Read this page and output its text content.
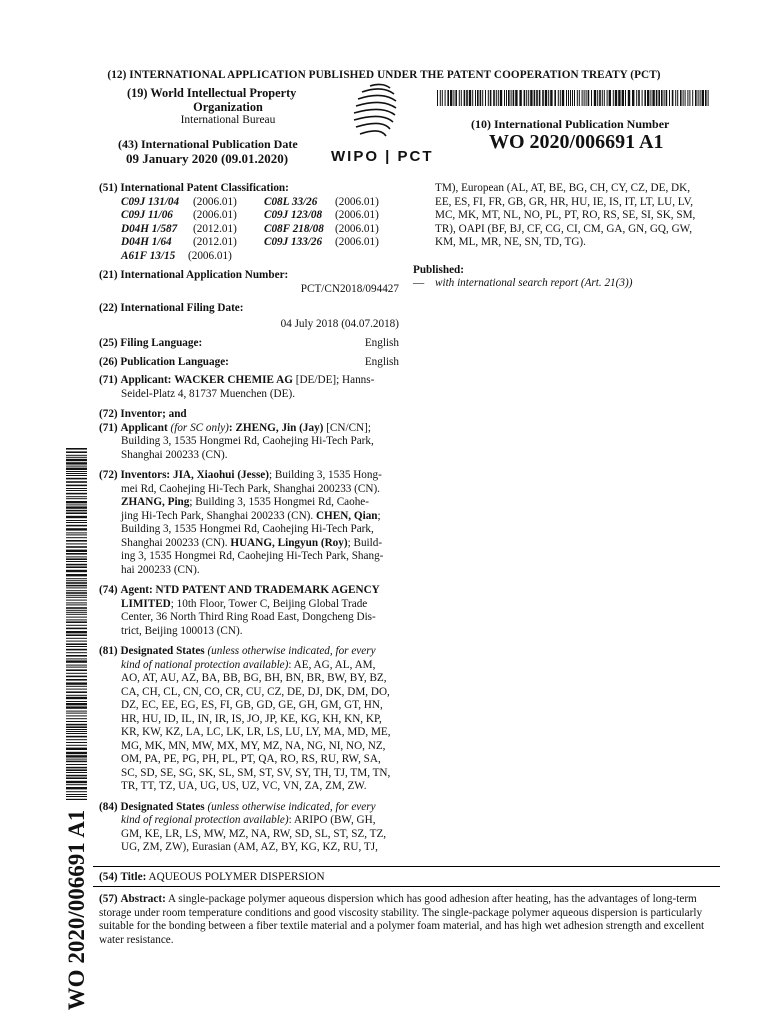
(12) INTERNATIONAL APPLICATION PUBLISHED UNDER THE PATENT COOPERATION TREATY (PCT)
(19) World Intellectual Property
Organization
International Bureau
(43) International Publication Date
09 January 2020 (09.01.2020)	WIPO | PCT
(10) International Publication Number
WO 2020/006691 A1
(51) International Patent Classification:
C09J 131/04 (2006.01) C08L 33/26 (2006.01)
C09J 11/06 (2006.01) C09J 123/08 (2006.01)
D04H 1/587 (2012.01) C08F 218/08 (2006.01)
D04H 1/64 (2012.01) C09J 133/26 (2006.01)
A61F 13/15 (2006.01)
(21) International Application Number:
PCT/CN2018/094427
(22) International Filing Date:
04 July 2018 (04.07.2018)
(25) Filing Language:	English
(26) Publication Language:	English
(71) Applicant: WACKER CHEMIE AG [DE/DE]; Hanns-
Seidel-Platz 4, 81737 Muenchen (DE).
(72) Inventor; and
(71) Applicant (for SC only): ZHENG, Jin (Jay) [CN/CN];
Building 3, 1535 Hongmei Rd, Caohejing Hi-Tech Park,
Shanghai 200233 (CN).
(72) Inventors: JIA, Xiaohui (Jesse); Building 3, 1535 Hong-
mei Rd, Caohejing Hi-Tech Park, Shanghai 200233 (CN).
ZHANG, Ping; Building 3, 1535 Hongmei Rd, Caohe-
jing Hi-Tech Park, Shanghai 200233 (CN). CHEN, Qian;
Building 3, 1535 Hongmei Rd, Caohejing Hi-Tech Park,
Shanghai 200233 (CN). HUANG, Lingyun (Roy); Build-
ing 3, 1535 Hongmei Rd, Caohejing Hi-Tech Park, Shang-
hai 200233 (CN).
(74) Agent: NTD PATENT AND TRADEMARK AGENCY
LIMITED; 10th Floor, Tower C, Beijing Global Trade
Center, 36 North Third Ring Road East, Dongcheng Dis-
trict, Beijing 100013 (CN).
(81) Designated States (unless otherwise indicated, for every
kind of national protection available): AE, AG, AL, AM,
AO, AT, AU, AZ, BA, BB, BG, BH, BN, BR, BW, BY, BZ,
CA, CH, CL, CN, CO, CR, CU, CZ, DE, DJ, DK, DM, DO,
DZ, EC, EE, EG, ES, FI, GB, GD, GE, GH, GM, GT, HN,
HR, HU, ID, IL, IN, IR, IS, JO, JP, KE, KG, KH, KN, KP,
KR, KW, KZ, LA, LC, LK, LR, LS, LU, LY, MA, MD, ME,
MG, MK, MN, MW, MX, MY, MZ, NA, NG, NI, NO, NZ,
OM, PA, PE, PG, PH, PL, PT, QA, RO, RS, RU, RW, SA,
SC, SD, SE, SG, SK, SL, SM, ST, SV, SY, TH, TJ, TM, TN,
TR, TT, TZ, UA, UG, US, UZ, VC, VN, ZA, ZM, ZW.
(84) Designated States (unless otherwise indicated, for every
kind of regional protection available): ARIPO (BW, GH,
GM, KE, LR, LS, MW, MZ, NA, RW, SD, SL, ST, SZ, TZ,
UG, ZM, ZW), Eurasian (AM, AZ, BY, KG, KZ, RU, TJ,
TM), European (AL, AT, BE, BG, CH, CY, CZ, DE, DK,
EE, ES, FI, FR, GB, GR, HR, HU, IE, IS, IT, LT, LU, LV,
MC, MK, MT, NL, NO, PL, PT, RO, RS, SE, SI, SK, SM,
TR), OAPI (BF, BJ, CF, CG, CI, CM, GA, GN, GQ, GW,
KM, ML, MR, NE, SN, TD, TG).
Published:
— with international search report (Art. 21(3))
WO 2020/006691 A1 (54) Title: AQUEOUS POLYMER DISPERSION
(57) Abstract: A single-package polymer aqueous dispersion which has good adhesion after heating, has the advantages of long-term
storage under room temperature conditions and good viscosity stability. The single-package polymer aqueous dispersion is particularly
suitable for the bonding between a fiber textile material and a polymer foam material, and has high wet adhesion strength and excellent
water resistance.
